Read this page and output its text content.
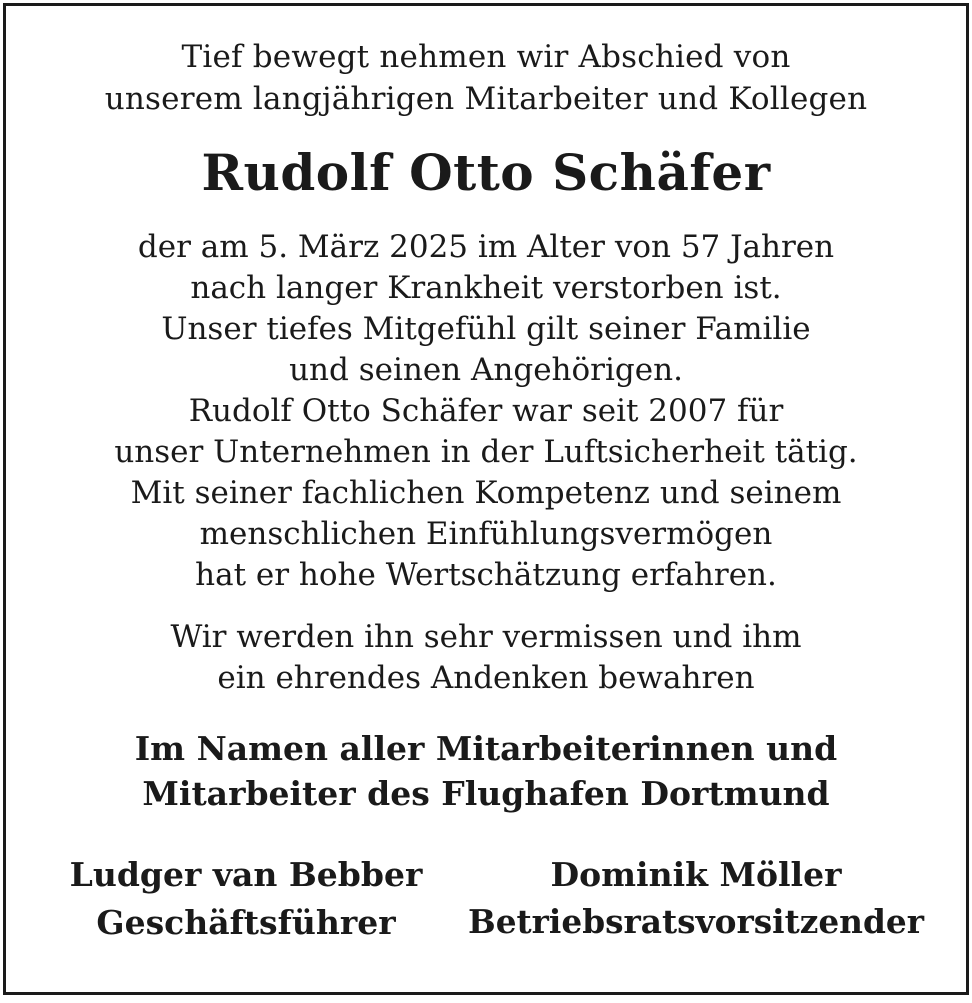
Tief bewegt nehmen wir Abschied von
unserem langjährigen Mitarbeiter und Kollegen
Rudolf Otto Schäfer
der am 5. März 2025 im Alter von 57 Jahren
nach langer Krankheit verstorben ist.
Unser tiefes Mitgefühl gilt seiner Familie
und seinen Angehörigen.
Rudolf Otto Schäfer war seit 2007 für
unser Unternehmen in der Luftsicherheit tätig.
Mit seiner fachlichen Kompetenz und seinem
menschlichen Einfühlungsvermögen
hat er hohe Wertschätzung erfahren.
Wir werden ihn sehr vermissen und ihm
ein ehrendes Andenken bewahren
Im Namen aller Mitarbeiterinnen und
Mitarbeiter des Flughafen Dortmund
Ludger van Bebber
Geschäftsführer
Dominik Möller
Betriebsratsvorsitzender
